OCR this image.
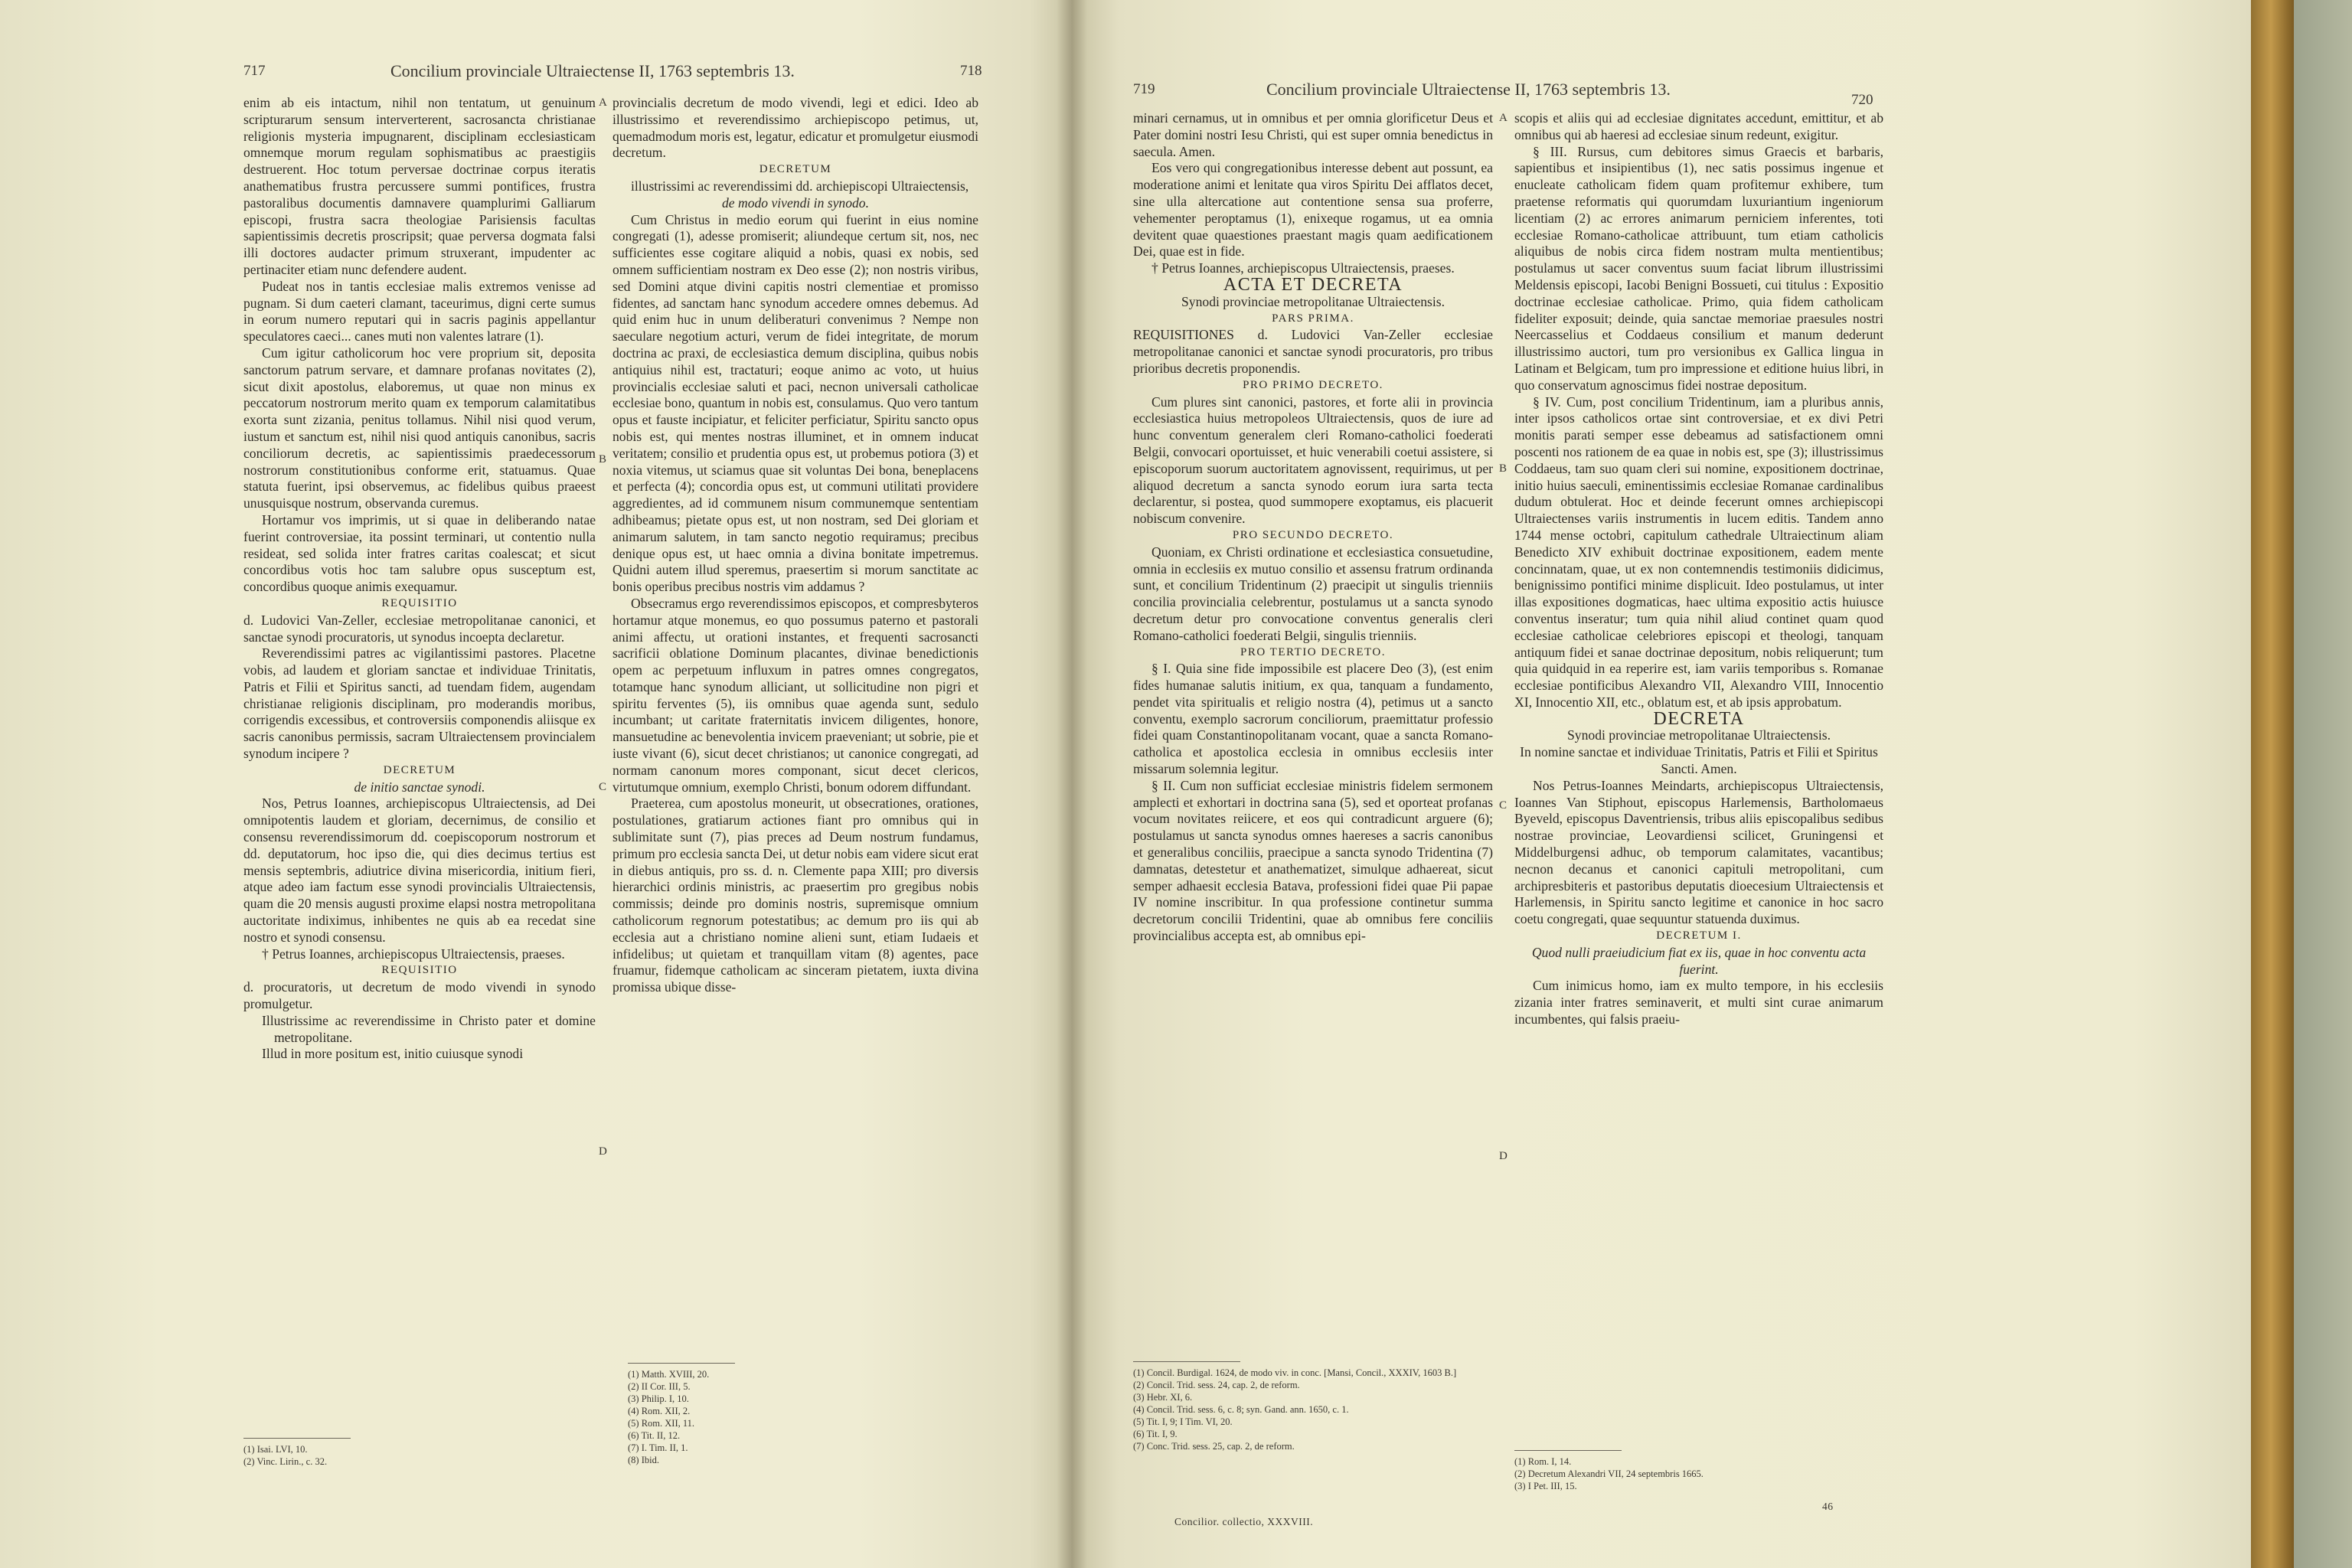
717	Concilium provinciale Ultraiectense II, 1763 septembris 13.	718
A
B
C
D

enim ab eis intactum, nihil non tentatum, ut genuinum scripturarum sensum interverterent, sacrosancta christianae religionis mysteria impugnarent, disciplinam ecclesiasticam omnemque morum regulam sophismatibus ac praestigiis destruerent. Hoc totum perversae doctrinae corpus iteratis anathematibus frustra percussere summi pontifices, frustra pastoralibus documentis damnavere quamplurimi Galliarum episcopi, frustra sacra theologiae Parisiensis facultas sapientissimis decretis proscripsit; quae perversa dogmata falsi illi doctores audacter primum struxerant, impudenter ac pertinaciter etiam nunc defendere audent.

Pudeat nos in tantis ecclesiae malis extremos venisse ad pugnam. Si dum caeteri clamant, taceurimus, digni certe sumus in eorum numero reputari qui in sacris paginis appellantur speculatores caeci... canes muti non valentes latrare (1).

Cum igitur catholicorum hoc vere proprium sit, deposita sanctorum patrum servare, et damnare profanas novitates (2), sicut dixit apostolus, elaboremus, ut quae non minus ex peccatorum nostrorum merito quam ex temporum calamitatibus exorta sunt zizania, penitus tollamus. Nihil nisi quod verum, iustum et sanctum est, nihil nisi quod antiquis canonibus, sacris conciliorum decretis, ac sapientissimis praedecessorum nostrorum constitutionibus conforme erit, statuamus. Quae statuta fuerint, ipsi observemus, ac fidelibus quibus praeest unusquisque nostrum, observanda curemus.

Hortamur vos imprimis, ut si quae in deliberando natae fuerint controversiae, ita possint terminari, ut contentio nulla resideat, sed solida inter fratres caritas coalescat; et sicut concordibus votis hoc tam salubre opus susceptum est, concordibus quoque animis exequamur.

REQUISITIO

d. Ludovici Van-Zeller, ecclesiae metropolitanae canonici, et sanctae synodi procuratoris, ut synodus incoepta declaretur.

Reverendissimi patres ac vigilantissimi pastores. Placetne vobis, ad laudem et gloriam sanctae et individuae Trinitatis, Patris et Filii et Spiritus sancti, ad tuendam fidem, augendam christianae religionis disciplinam, pro moderandis moribus, corrigendis excessibus, et controversiis componendis aliisque ex sacris canonibus permissis, sacram Ultraiectensem provincialem synodum incipere ?

DECRETUM

de initio sanctae synodi.

Nos, Petrus Ioannes, archiepiscopus Ultraiectensis, ad Dei omnipotentis laudem et gloriam, decernimus, de consilio et consensu reverendissimorum dd. coepiscoporum nostrorum et dd. deputatorum, hoc ipso die, qui dies decimus tertius est mensis septembris, adiutrice divina misericordia, initium fieri, atque adeo iam factum esse synodi provincialis Ultraiectensis, quam die 20 mensis augusti proxime elapsi nostra metropolitana auctoritate indiximus, inhibentes ne quis ab ea recedat sine nostro et synodi consensu.

† Petrus Ioannes, archiepiscopus Ultraiectensis, praeses.

REQUISITIO

d. procuratoris, ut decretum de modo vivendi in synodo promulgetur.

Illustrissime ac reverendissime in Christo pater et domine metropolitane.

Illud in more positum est, initio cuiusque synodi

(1) Isai. LVI, 10.
(2) Vinc. Lirin., c. 32.

provincialis decretum de modo vivendi, legi et edici. Ideo ab illustrissimo et reverendissimo archiepiscopo petimus, ut, quemadmodum moris est, legatur, edicatur et promulgetur eiusmodi decretum.

DECRETUM

illustrissimi ac reverendissimi dd. archiepiscopi Ultraiectensis,

de modo vivendi in synodo.

Cum Christus in medio eorum qui fuerint in eius nomine congregati (1), adesse promiserit; aliundeque certum sit, nos, nec sufficientes esse cogitare aliquid a nobis, quasi ex nobis, sed omnem sufficientiam nostram ex Deo esse (2); non nostris viribus, sed Domini atque divini capitis nostri clementiae et promisso fidentes, ad sanctam hanc synodum accedere omnes debemus. Ad quid enim huc in unum deliberaturi convenimus ? Nempe non saeculare negotium acturi, verum de fidei integritate, de morum doctrina ac praxi, de ecclesiastica demum disciplina, quibus nobis antiquius nihil est, tractaturi; eoque animo ac voto, ut huius provincialis ecclesiae saluti et paci, necnon universali catholicae ecclesiae bono, quantum in nobis est, consulamus. Quo vero tantum opus et fauste incipiatur, et feliciter perficiatur, Spiritu sancto opus nobis est, qui mentes nostras illuminet, et in omnem inducat veritatem; consilio et prudentia opus est, ut probemus potiora (3) et noxia vitemus, ut sciamus quae sit voluntas Dei bona, beneplacens et perfecta (4); concordia opus est, ut communi utilitati providere aggredientes, ad id communem nisum communemque sententiam adhibeamus; pietate opus est, ut non nostram, sed Dei gloriam et animarum salutem, in tam sancto negotio requiramus; precibus denique opus est, ut haec omnia a divina bonitate impetremus. Quidni autem illud speremus, praesertim si morum sanctitate ac bonis operibus precibus nostris vim addamus ?

Obsecramus ergo reverendissimos episcopos, et compresbyteros hortamur atque monemus, eo quo possumus paterno et pastorali animi affectu, ut orationi instantes, et frequenti sacrosancti sacrificii oblatione Dominum placantes, divinae benedictionis opem ac perpetuum influxum in patres omnes congregatos, totamque hanc synodum alliciant, ut sollicitudine non pigri et spiritu ferventes (5), iis omnibus quae agenda sunt, sedulo incumbant; ut caritate fraternitatis invicem diligentes, honore, mansuetudine ac benevolentia invicem praeveniant; ut sobrie, pie et iuste vivant (6), sicut decet christianos; ut canonice congregati, ad normam canonum mores componant, sicut decet clericos, virtutumque omnium, exemplo Christi, bonum odorem diffundant.

Praeterea, cum apostolus moneurit, ut obsecrationes, orationes, postulationes, gratiarum actiones fiant pro omnibus qui in sublimitate sunt (7), pias preces ad Deum nostrum fundamus, primum pro ecclesia sancta Dei, ut detur nobis eam videre sicut erat in diebus antiquis, pro ss. d. n. Clemente papa XIII; pro diversis hierarchici ordinis ministris, ac praesertim pro gregibus nobis commissis; deinde pro dominis nostris, supremisque omnium catholicorum regnorum potestatibus; ac demum pro iis qui ab ecclesia aut a christiano nomine alieni sunt, etiam Iudaeis et infidelibus; ut quietam et tranquillam vitam (8) agentes, pace fruamur, fidemque catholicam ac sinceram pietatem, iuxta divina promissa ubique disse-

(1) Matth. XVIII, 20.
(2) II Cor. III, 5.
(3) Philip. I, 10.
(4) Rom. XII, 2.
(5) Rom. XII, 11.
(6) Tit. II, 12.
(7) I. Tim. II, 1.
(8) Ibid.
719	Concilium provinciale Ultraiectense II, 1763 septembris 13.
720
A
B
C
D

minari cernamus, ut in omnibus et per omnia glorificetur Deus et Pater domini nostri Iesu Christi, qui est super omnia benedictus in saecula. Amen.

Eos vero qui congregationibus interesse debent aut possunt, ea moderatione animi et lenitate qua viros Spiritu Dei afflatos decet, sine ulla altercatione aut contentione sensa sua proferre, vehementer peroptamus (1), enixeque rogamus, ut ea omnia devitent quae quaestiones praestant magis quam aedificationem Dei, quae est in fide.

† Petrus Ioannes, archiepiscopus Ultraiectensis, praeses.

ACTA ET DECRETA

Synodi provinciae metropolitanae Ultraiectensis.

PARS PRIMA.

REQUISITIONES d. Ludovici Van-Zeller ecclesiae metropolitanae canonici et sanctae synodi procuratoris, pro tribus prioribus decretis proponendis.

PRO PRIMO DECRETO.

Cum plures sint canonici, pastores, et forte alii in provincia ecclesiastica huius metropoleos Ultraiectensis, quos de iure ad hunc conventum generalem cleri Romano-catholici foederati Belgii, convocari oportuisset, et huic venerabili coetui assistere, si episcoporum suorum auctoritatem agnovissent, requirimus, ut per aliquod decretum a sancta synodo eorum iura sarta tecta declarentur, si postea, quod summopere exoptamus, eis placuerit nobiscum convenire.

PRO SECUNDO DECRETO.

Quoniam, ex Christi ordinatione et ecclesiastica consuetudine, omnia in ecclesiis ex mutuo consilio et assensu fratrum ordinanda sunt, et concilium Tridentinum (2) praecipit ut singulis trienniis concilia provincialia celebrentur, postulamus ut a sancta synodo decretum detur pro convocatione conventus generalis cleri Romano-catholici foederati Belgii, singulis trienniis.

PRO TERTIO DECRETO.

§ I. Quia sine fide impossibile est placere Deo (3), (est enim fides humanae salutis initium, ex qua, tanquam a fundamento, pendet vita spiritualis et religio nostra (4), petimus ut a sancto conventu, exemplo sacrorum conciliorum, praemittatur professio fidei quam Constantinopolitanam vocant, quae a sancta Romano-catholica et apostolica ecclesia in omnibus ecclesiis inter missarum solemnia legitur.

§ II. Cum non sufficiat ecclesiae ministris fidelem sermonem amplecti et exhortari in doctrina sana (5), sed et oporteat profanas vocum novitates reiicere, et eos qui contradicunt arguere (6); postulamus ut sancta synodus omnes haereses a sacris canonibus et generalibus conciliis, praecipue a sancta synodo Tridentina (7) damnatas, detestetur et anathematizet, simulque adhaereat, sicut semper adhaesit ecclesia Batava, professioni fidei quae Pii papae IV nomine inscribitur. In qua professione continetur summa decretorum concilii Tridentini, quae ab omnibus fere conciliis provincialibus accepta est, ab omnibus epi-

(1) Concil. Burdigal. 1624, de modo viv. in conc. [Mansi, Concil., XXXIV, 1603 B.]
(2) Concil. Trid. sess. 24, cap. 2, de reform.
(3) Hebr. XI, 6.
(4) Concil. Trid. sess. 6, c. 8; syn. Gand. ann. 1650, c. 1.
(5) Tit. I, 9; I Tim. VI, 20.
(6) Tit. I, 9.
(7) Conc. Trid. sess. 25, cap. 2, de reform.
Concilior. collectio, XXXVIII.

scopis et aliis qui ad ecclesiae dignitates accedunt, emittitur, et ab omnibus qui ab haeresi ad ecclesiae sinum redeunt, exigitur.

§ III. Rursus, cum debitores simus Graecis et barbaris, sapientibus et insipientibus (1), nec satis possimus ingenue et enucleate catholicam fidem quam profitemur exhibere, tum praetense reformatis qui quorumdam luxuriantium ingeniorum licentiam (2) ac errores animarum perniciem inferentes, toti ecclesiae Romano-catholicae attribuunt, tum etiam catholicis aliquibus de nobis circa fidem nostram multa mentientibus; postulamus ut sacer conventus suum faciat librum illustrissimi Meldensis episcopi, Iacobi Benigni Bossueti, cui titulus : Expositio doctrinae ecclesiae catholicae. Primo, quia fidem catholicam fideliter exposuit; deinde, quia sanctae memoriae praesules nostri Neercasselius et Coddaeus consilium et manum dederunt illustrissimo auctori, tum pro versionibus ex Gallica lingua in Latinam et Belgicam, tum pro impressione et editione huius libri, in quo conservatum agnoscimus fidei nostrae depositum.

§ IV. Cum, post concilium Tridentinum, iam a pluribus annis, inter ipsos catholicos ortae sint controversiae, et ex divi Petri monitis parati semper esse debeamus ad satisfactionem omni poscenti nos rationem de ea quae in nobis est, spe (3); illustrissimus Coddaeus, tam suo quam cleri sui nomine, expositionem doctrinae, initio huius saeculi, eminentissimis ecclesiae Romanae cardinalibus dudum obtulerat. Hoc et deinde fecerunt omnes archiepiscopi Ultraiectenses variis instrumentis in lucem editis. Tandem anno 1744 mense octobri, capitulum cathedrale Ultraiectinum aliam Benedicto XIV exhibuit doctrinae expositionem, eadem mente concinnatam, quae, ut ex non contemnendis testimoniis didicimus, benignissimo pontifici minime displicuit. Ideo postulamus, ut inter illas expositiones dogmaticas, haec ultima expositio actis huiusce conventus inseratur; tum quia nihil aliud continet quam quod ecclesiae catholicae celebriores episcopi et theologi, tanquam antiquum fidei et sanae doctrinae depositum, nobis reliquerunt; tum quia quidquid in ea reperire est, iam variis temporibus s. Romanae ecclesiae pontificibus Alexandro VII, Alexandro VIII, Innocentio XI, Innocentio XII, etc., oblatum est, et ab ipsis approbatum.

DECRETA

Synodi provinciae metropolitanae Ultraiectensis.

In nomine sanctae et individuae Trinitatis, Patris et Filii et Spiritus Sancti. Amen.

Nos Petrus-Ioannes Meindarts, archiepiscopus Ultraiectensis, Ioannes Van Stiphout, episcopus Harlemensis, Bartholomaeus Byeveld, episcopus Daventriensis, tribus aliis episcopalibus sedibus nostrae provinciae, Leovardiensi scilicet, Gruningensi et Middelburgensi adhuc, ob temporum calamitates, vacantibus; necnon decanus et canonici capituli metropolitani, cum archipresbiteris et pastoribus deputatis dioecesium Ultraiectensis et Harlemensis, in Spiritu sancto legitime et canonice in hoc sacro coetu congregati, quae sequuntur statuenda duximus.

DECRETUM I.

Quod nulli praeiudicium fiat ex iis, quae in hoc conventu acta fuerint.

Cum inimicus homo, iam ex multo tempore, in his ecclesiis zizania inter fratres seminaverit, et multi sint curae animarum incumbentes, qui falsis praeiu-

(1) Rom. I, 14.
(2) Decretum Alexandri VII, 24 septembris 1665.
(3) I Pet. III, 15.
46
